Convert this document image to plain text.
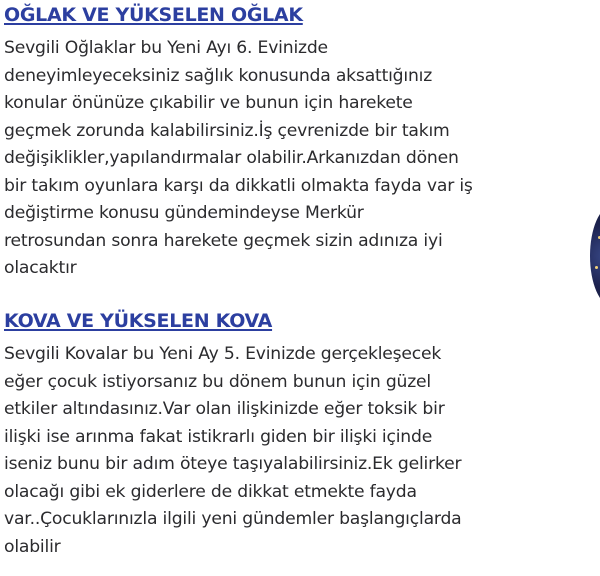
OĞLAK VE YÜKSELEN OĞLAK

Sevgili Oğlaklar bu Yeni Ayı 6. Evinizde

deneyimleyeceksiniz sağlık konusunda aksattığınız

konular önünüze çıkabilir ve bunun için harekete

geçmek zorunda kalabilirsiniz.İş çevrenizde bir takım

değişiklikler,yapılandırmalar olabilir.Arkanızdan dönen

bir takım oyunlara karşı da dikkatli olmakta fayda var iş

değiştirme konusu gündemindeyse Merkür

retrosundan sonra harekete geçmek sizin adınıza iyi

olacaktır

KOVA VE YÜKSELEN KOVA

Sevgili Kovalar bu Yeni Ay 5. Evinizde gerçekleşecek

eğer çocuk istiyorsanız bu dönem bunun için güzel

etkiler altındasınız.Var olan ilişkinizde eğer toksik bir

ilişki ise arınma fakat istikrarlı giden bir ilişki içinde

iseniz bunu bir adım öteye taşıyalabilirsiniz.Ek gelirker

olacağı gibi ek giderlere de dikkat etmekte fayda

var..Çocuklarınızla ilgili yeni gündemler başlangıçlarda

olabilir
